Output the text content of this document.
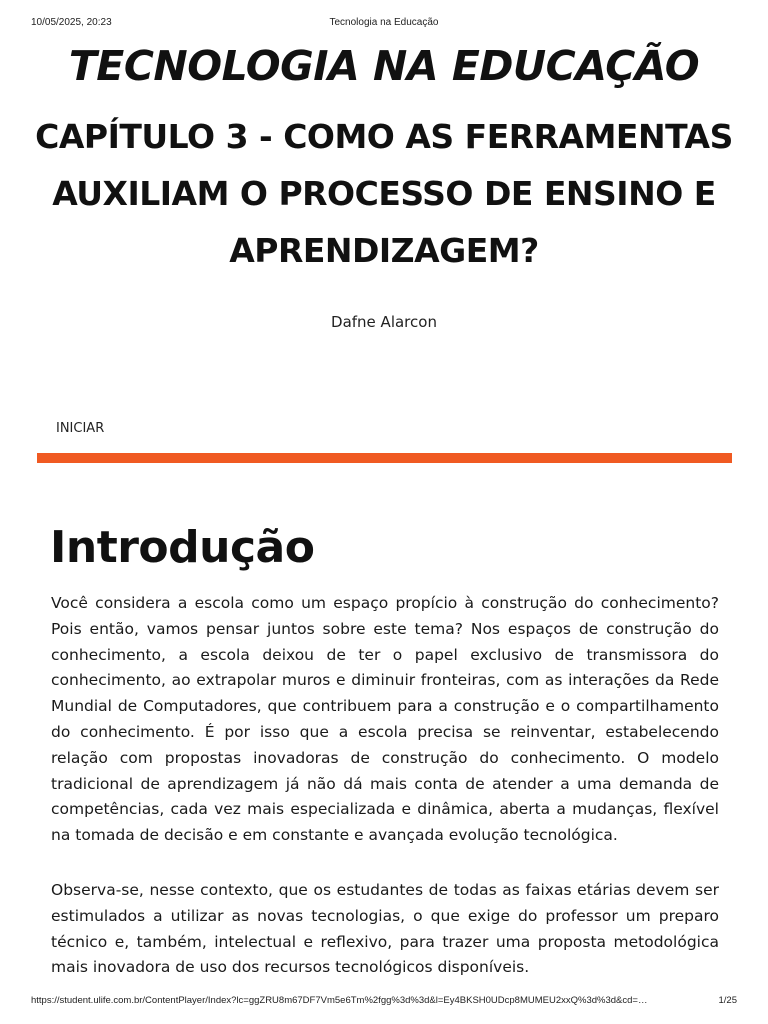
10/05/2025, 20:23	Tecnologia na Educação
TECNOLOGIA NA EDUCAÇÃO
CAPÍTULO 3 - COMO AS FERRAMENTAS AUXILIAM O PROCESSO DE ENSINO E APRENDIZAGEM?
Dafne Alarcon
INICIAR
Introdução

Você considera a escola como um espaço propício à construção do conhecimento? Pois então, vamos pensar juntos sobre este tema? Nos espaços de construção do conhecimento, a escola deixou de ter o papel exclusivo de transmissora do conhecimento, ao extrapolar muros e diminuir fronteiras, com as interações da Rede Mundial de Computadores, que contribuem para a construção e o compartilhamento do conhecimento. É por isso que a escola precisa se reinventar, estabelecendo relação com propostas inovadoras de construção do conhecimento. O modelo tradicional de aprendizagem já não dá mais conta de atender a uma demanda de competências, cada vez mais especializada e dinâmica, aberta a mudanças, flexível na tomada de decisão e em constante e avançada evolução tecnológica.

Observa-se, nesse contexto, que os estudantes de todas as faixas etárias devem ser estimulados a utilizar as novas tecnologias, o que exige do professor um preparo técnico e, também, intelectual e reflexivo, para trazer uma proposta metodológica mais inovadora de uso dos recursos tecnológicos disponíveis.

https://student.ulife.com.br/ContentPlayer/Index?lc=ggZRU8m67DF7Vm5e6Tm%2fgg%3d%3d&l=Ey4BKSH0UDcp8MUMEU2xxQ%3d%3d&cd=…	1/25
